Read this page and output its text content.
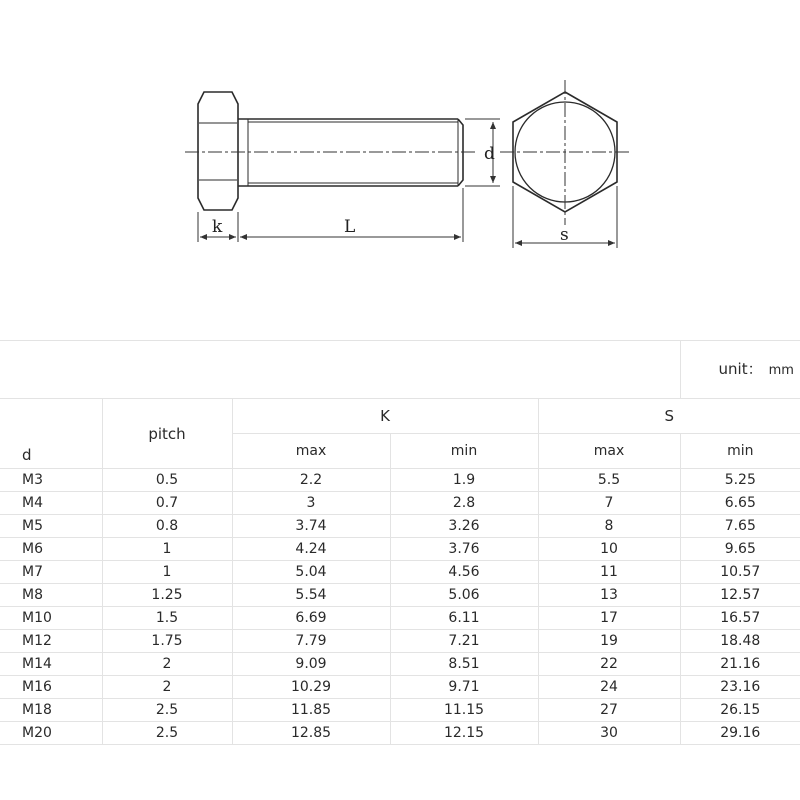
d
k	L	s
					unit： mm
d	pitch	K		S	
		max	min	max	min
M3	0.5	2.2	1.9	5.5	5.25
M4	0.7	3	2.8	7	6.65
M5	0.8	3.74	3.26	8	7.65
M6	1	4.24	3.76	10	9.65
M7	1	5.04	4.56	11	10.57
M8	1.25	5.54	5.06	13	12.57
M10	1.5	6.69	6.11	17	16.57
M12	1.75	7.79	7.21	19	18.48
M14	2	9.09	8.51	22	21.16
M16	2	10.29	9.71	24	23.16
M18	2.5	11.85	11.15	27	26.15
M20	2.5	12.85	12.15	30	29.16
